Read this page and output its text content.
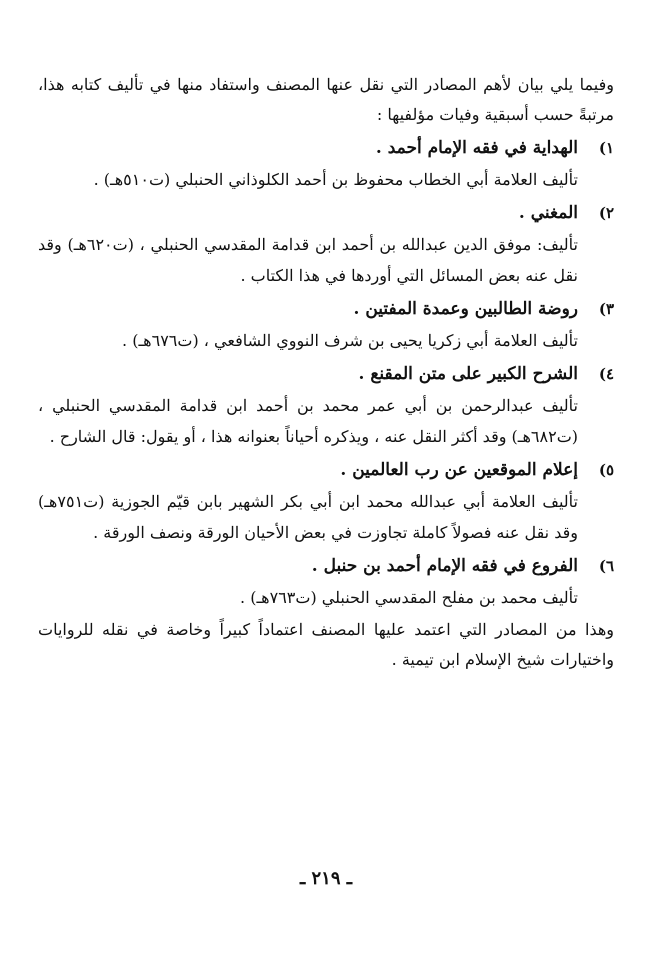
وفيما يلي بيان لأهم المصادر التي نقل عنها المصنف واستفاد منها في تأليف كتابه هذا، مرتبةً حسب أسبقية وفيات مؤلفيها :

١)
الهداية في فقه الإمام أحمد .
تأليف العلامة أبي الخطاب محفوظ بن أحمد الكلوذاني الحنبلي (ت٥١٠هـ) .
٢)
المغني .
تأليف: موفق الدين عبدالله بن أحمد ابن قدامة المقدسي الحنبلي ، (ت٦٢٠هـ) وقد نقل عنه بعض المسائل التي أوردها في هذا الكتاب .
٣)
روضة الطالبين وعمدة المفتين .
تأليف العلامة أبي زكريا يحيى بن شرف النووي الشافعي ، (ت٦٧٦هـ) .
٤)
الشرح الكبير على متن المقنع .
تأليف عبدالرحمن بن أبي عمر محمد بن أحمد ابن قدامة المقدسي الحنبلي ، (ت٦٨٢هـ) وقد أكثر النقل عنه ، ويذكره أحياناً بعنوانه هذا ، أو يقول: قال الشارح .
٥)
إعلام الموقعين عن رب العالمين .
تأليف العلامة أبي عبدالله محمد ابن أبي بكر الشهير بابن قيّم الجوزية (ت٧٥١هـ) وقد نقل عنه فصولاً كاملة تجاوزت في بعض الأحيان الورقة ونصف الورقة .
٦)
الفروع في فقه الإمام أحمد بن حنبل .
تأليف محمد بن مفلح المقدسي الحنبلي (ت٧٦٣هـ) .

وهذا من المصادر التي اعتمد عليها المصنف اعتماداً كبيراً وخاصة في نقله للروايات واختيارات شيخ الإسلام ابن تيمية .

ـ ٢١٩ ـ
